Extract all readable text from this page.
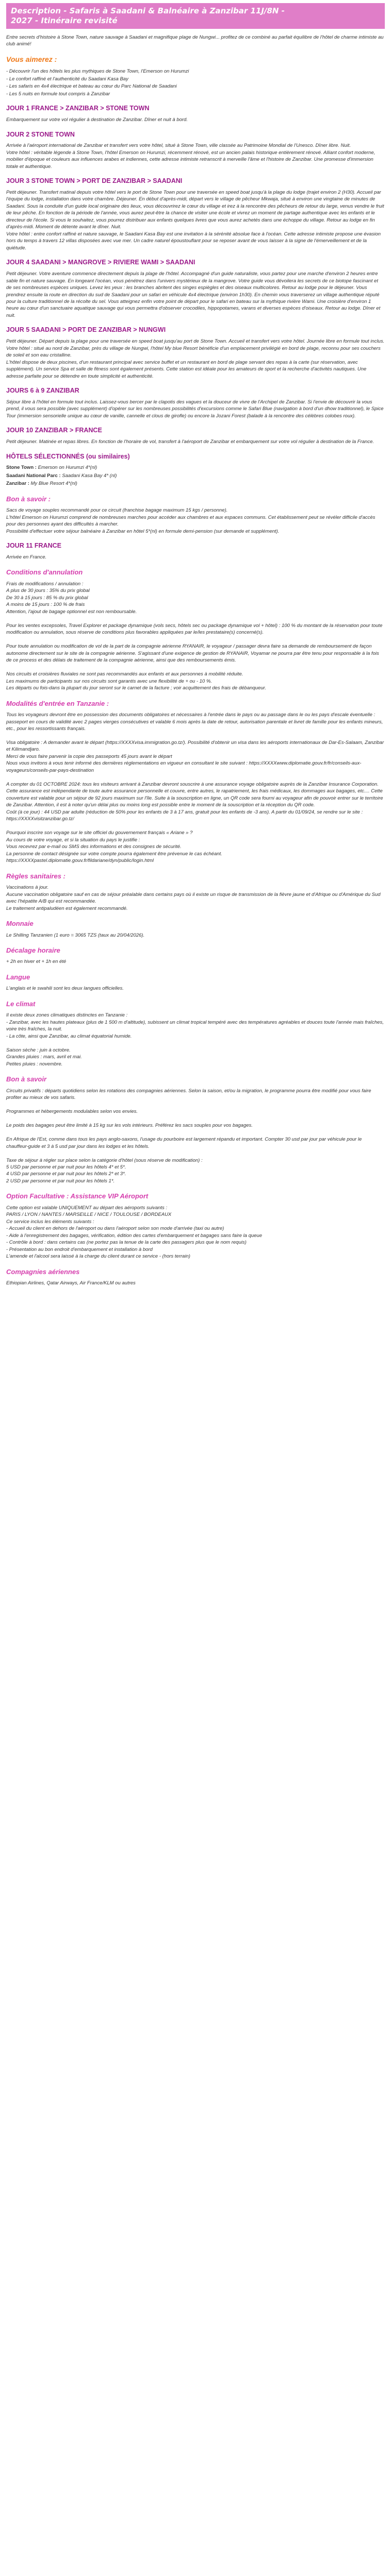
Description - Safaris à Saadani & Balnéaire à Zanzibar 11J/8N -
2027 - Itinéraire revisité

Entre secrets d'histoire à Stone Town, nature sauvage à Saadani et magnifique plage de Nungwi... profitez de ce combiné au parfait équilibre de l'hôtel de charme intimiste au club animé!

Vous aimerez :
- Découvrir l'un des hôtels les plus mythiques de Stone Town, l'Emerson on Hurumzi
- Le confort raffiné et l'authenticité du Saadani Kasa Bay
- Les safaris en 4x4 électrique et bateau au cœur du Parc National de Saadani
- Les 5 nuits en formule tout compris à Zanzibar
JOUR 1 FRANCE > ZANZIBAR > STONE TOWN

Embarquement sur votre vol régulier à destination de Zanzibar. Dîner et nuit à bord.

JOUR 2 STONE TOWN

Arrivée à l'aéroport international de Zanzibar et transfert vers votre hôtel, situé à Stone Town, ville classée au Patrimoine Mondial de l'Unesco. Dîner libre. Nuit.
Votre hôtel : véritable légende à Stone Town, l'hôtel Emerson on Hurumzi, récemment rénové, est un ancien palais historique entièrement rénové. Alliant confort moderne, mobilier d'époque et couleurs aux influences arabes et indiennes, cette adresse intimiste retranscrit à merveille l'âme et l'histoire de Zanzibar. Une promesse d'immersion totale et authentique.

JOUR 3 STONE TOWN > PORT DE ZANZIBAR > SAADANI

Petit déjeuner. Transfert matinal depuis votre hôtel vers le port de Stone Town pour une traversée en speed boat jusqu'à la plage du lodge (trajet environ 2 (H30). Accueil par l'équipe du lodge, installation dans votre chambre. Déjeuner. En début d'après-midi, départ vers le village de pêcheur Mkwaja, situé à environ une vingtaine de minutes de Saadani. Sous la conduite d'un guide local originaire des lieux, vous découvrirez le cœur du village et irez à la rencontre des pêcheurs de retour du large, venus vendre le fruit de leur pêche. En fonction de la période de l'année, vous aurez peut-être la chance de visiter une école et vivrez un moment de partage authentique avec les enfants et le directeur de l'école. Si vous le souhaitez, vous pourrez distribuer aux enfants quelques livres que vous aurez achetés dans une échoppe du village. Retour au lodge en fin d'après-midi. Moment de détente avant le dîner. Nuit.
Votre hôtel : entre confort raffiné et nature sauvage, le Saadani Kasa Bay est une invitation à la sérénité absolue face à l'océan. Cette adresse intimiste propose une évasion hors du temps à travers 12 villas disposées avec vue mer. Un cadre naturel époustouflant pour se reposer avant de vous laisser à la signe de l'émerveillement et de la quiétude.

JOUR 4 SAADANI > MANGROVE > RIVIERE WAMI > SAADANI

Petit déjeuner. Votre aventure commence directement depuis la plage de l'hôtel. Accompagné d'un guide naturaliste, vous partez pour une marche d'environ 2 heures entre sable fin et nature sauvage. En longeant l'océan, vous pénétrez dans l'univers mystérieux de la mangrove. Votre guide vous dévoilera les secrets de ce biotope fascinant et de ses nombreuses espèces uniques. Levez les yeux : les branches abritent des singes espiègles et des oiseaux multicolores. Retour au lodge pour le déjeuner. Vous prendrez ensuite la route en direction du sud de Saadani pour un safari en véhicule 4x4 électrique (environ 1h30). En chemin vous traverserez un village authentique réputé pour la culture traditionnel de la récolte du sel. Vous atteignez enfin votre point de départ pour le safari en bateau sur la mythique rivière Wami. Une croisière d'environ 1 heure au cœur d'un sanctuaire aquatique sauvage qui vous permettra d'observer crocodiles, hippopotames, varans et diverses espèces d'oiseaux. Retour au lodge. Dîner et nuit.

JOUR 5 SAADANI > PORT DE ZANZIBAR > NUNGWI

Petit déjeuner. Départ depuis la plage pour une traversée en speed boat jusqu'au port de Stone Town. Accueil et transfert vers votre hôtel. Journée libre en formule tout inclus.
Votre hôtel : situé au nord de Zanzibar, près du village de Nungwi, l'hôtel My blue Resort bénéficie d'un emplacement privilégié en bord de plage, reconnu pour ses couchers de soleil et son eau cristalline.
L'hôtel dispose de deux piscines, d'un restaurant principal avec service buffet et un restaurant en bord de plage servant des repas à la carte (sur réservation, avec supplément). Un service Spa et salle de fitness sont également présents. Cette station est idéale pour les amateurs de sport et la recherche d'activités nautiques. Une adresse parfaite pour se détendre en toute simplicité et authenticité.

JOURS 6 à 9 ZANZIBAR

Séjour libre à l'hôtel en formule tout inclus. Laissez-vous bercer par le clapotis des vagues et la douceur de vivre de l'Archipel de Zanzibar. Si l'envie de découvrir la vous prend, il vous sera possible (avec supplément) d'opérer sur les nombreuses possibilités d'excursions comme le Safari Blue (navigation à bord d'un dhow traditionnel), le Spice Tour (immersion sensorielle unique au cœur de vanille, cannelle et clous de girofle) ou encore la Jozani Forest (balade à la rencontre des célèbres colobes roux).

JOUR 10 ZANZIBAR > FRANCE

Petit déjeuner. Matinée et repas libres. En fonction de l'horaire de vol, transfert à l'aéroport de Zanzibar et embarquement sur votre vol régulier à destination de la France.

HÔTELS SÉLECTIONNÉS (ou similaires)
Stone Town : Emerson on Hurumzi 4*(nl)
Saadani National Parc : Saadani Kasa Bay 4* (nl)
Zanzibar : My Blue Resort 4*(nl)
Bon à savoir :

Sacs de voyage souples recommandé pour ce circuit (franchise bagage maximum 15 kgs / personne).
L'hôtel Emerson on Hurumzi comprend de nombreuses marches pour accéder aux chambres et aux espaces communs. Cet établissement peut se révéler difficile d'accès pour des personnes ayant des difficultés à marcher.
Possibilité d'effectuer votre séjour balnéaire à Zanzibar en hôtel 5*(nl) en formule demi-pension (sur demande et supplément).

JOUR 11 FRANCE

Arrivée en France.

Conditions d'annulation

Frais de modifications / annulation :
A plus de 30 jours : 35% du prix global
De 30 à 15 jours : 85 % du prix global
A moins de 15 jours : 100 % de frais
Attention, l'ajout de bagage optionnel est non remboursable.

Pour les ventes excepsoles, Travel Explorer et package dynamique (vols secs, hôtels sec ou package dynamique vol + hôtel) : 100 % du montant de la réservation pour toute modification ou annulation, sous réserve de conditions plus favorables appliquées par le/les prestataire(s) concerné(s).

Pour toute annulation ou modification de vol de la part de la compagnie aérienne RYANAIR, le voyageur / passager devra faire sa demande de remboursement de façon autonome directement sur le site de la compagnie aérienne. S'agissant d'une exigence de gestion de RYANAIR, Voyamar ne pourra par être tenu pour responsable à la fois de ce process et des délais de traitement de la compagnie aérienne, ainsi que des remboursements émis.

Nos circuits et croisières fluviales ne sont pas recommandés aux enfants et aux personnes à mobilité réduite.
Les maximums de participants sur nos circuits sont garantis avec une flexibilité de + ou - 10 %.
Les départs ou fois-dans la plupart du jour seront sur le carnet de la facture ; voir acquittement des frais de débanqueur.

Modalités d'entrée en Tanzanie :

Tous les voyageurs devront être en possession des documents obligatoires et nécessaires à l'entrée dans le pays ou au passage dans le ou les pays d'escale éventuelle : passeport en cours de validité avec 2 pages vierges consécutives et valable 6 mois après la date de retour, autorisation parentale et livret de famille pour les enfants mineurs, etc., pour les ressortissants français.

Visa obligatoire : A demander avant le départ (https://XXXXvisa.immigration.go.tz/). Possibilité d'obtenir un visa dans les aéroports internationaux de Dar-Es-Salaam, Zanzibar et Kilimandjaro.
Merci de vous faire parvenir la copie des passeports 45 jours avant le départ
Nous vous invitons à vous tenir informé des dernières réglementations en vigueur en consultant le site suivant : https://XXXXwww.diplomatie.gouv.fr/fr/conseils-aux-voyageurs/conseils-par-pays-destination

A compter du 01 OCTOBRE 2024: tous les visiteurs arrivant à Zanzibar devront souscrire à une assurance voyage obligatoire auprès de la Zanzibar Insurance Corporation.
Cette assurance est indépendante de toute autre assurance personnelle et couvre, entre autres, le rapatriement, les frais médicaux, les dommages aux bagages, etc.... Cette couverture est valable pour un séjour de 92 jours maximum sur l'île. Suite à la souscription en ligne, un QR code sera fourni au voyageur afin de pouvoir entrer sur le territoire de Zanzibar. Attention, il est à noter qu'un délai plus ou moins long est possible entre le moment de la souscription et la réception du QR code.
Coût (à ce jour) : 44 USD par adulte (réduction de 50% pour les enfants de 3 à 17 ans, gratuit pour les enfants de -3 ans). A partir du 01/09/24, se rendre sur le site : https://XXXXvisitzanzibar.go.tz/

Pourquoi inscrire son voyage sur le site officiel du gouvernement français « Ariane » ?
Au cours de votre voyage, et si la situation du pays le justifie :
Vous recevrez par e-mail ou SMS des informations et des consignes de sécurité.
La personne de contact désignée sur votre compte pourra également être prévenue le cas échéant.
https://XXXXpastel.diplomatie.gouv.fr/fildariane/dyn/public/login.html

Règles sanitaires :

Vaccinations à jour.
Aucune vaccination obligatoire sauf en cas de séjour préalable dans certains pays où il existe un risque de transmission de la fièvre jaune et d'Afrique ou d'Amérique du Sud avec l'hépatite A/B qui est recommandée.
Le traitement antipaludéen est également recommandé.

Monnaie

Le Shilling Tanzanien (1 euro = 3065 TZS (taux au 20/04/2026).

Décalage horaire

+ 2h en hiver et + 1h en été

Langue

L'anglais et le swahili sont les deux langues officielles.

Le climat

Il existe deux zones climatiques distinctes en Tanzanie :
- Zanzibar, avec les hautes plateaux (plus de 1 500 m d'altitude), subissent un climat tropical tempéré avec des températures agréables et douces toute l'année mais fraîches, voire très fraîches, la nuit.
- La côte, ainsi que Zanzibar, au climat équatorial humide.

Saison sèche : juin à octobre.
Grandes pluies : mars, avril et mai.
Petites pluies : novembre.

Bon à savoir

Circuits privatifs : départs quotidiens selon les rotations des compagnies aériennes. Selon la saison, et/ou la migration, le programme pourra être modifié pour vous faire profiter au mieux de vos safaris.

Programmes et hébergements modulables selon vos envies.

Le poids des bagages peut être limité à 15 kg sur les vols intérieurs. Préférez les sacs souples pour vos bagages.

En Afrique de l'Est, comme dans tous les pays anglo-saxons, l'usage du pourboire est largement répandu et important. Compter 30 usd par jour par véhicule pour le chauffeur-guide et 3 à 5 usd par jour dans les lodges et les hôtels.

Taxe de séjour à régler sur place selon la catégorie d'hôtel (sous réserve de modification) :
5 USD par personne et par nuit pour les hôtels 4* et 5*.
4 USD par personne et par nuit pour les hôtels 2* et 3*.
2 USD par personne et par nuit pour les hôtels 1*.

Option Facultative : Assistance VIP Aéroport

Cette option est valable UNIQUEMENT au départ des aéroports suivants :
PARIS / LYON / NANTES / MARSEILLE / NICE / TOULOUSE / BORDEAUX
Ce service inclus les éléments suivants :
- Accueil du client en dehors de l'aéroport ou dans l'aéroport selon son mode d'arrivée (taxi ou autre)
- Aide à l'enregistrement des bagages, vérification, édition des cartes d'embarquement et bagages sans faire la queue
- Contrôle à bord : dans certains cas (ne portez pas la tenue de la carte des passagers plus que le nom requis)
- Présentation au bon endroit d'embarquement et installation à bord
L'amende et l'alcool sera laissé à la charge du client durant ce service - (hors terrain)

Compagnies aériennes

Ethiopian Airlines, Qatar Airways, Air France/KLM ou autres
